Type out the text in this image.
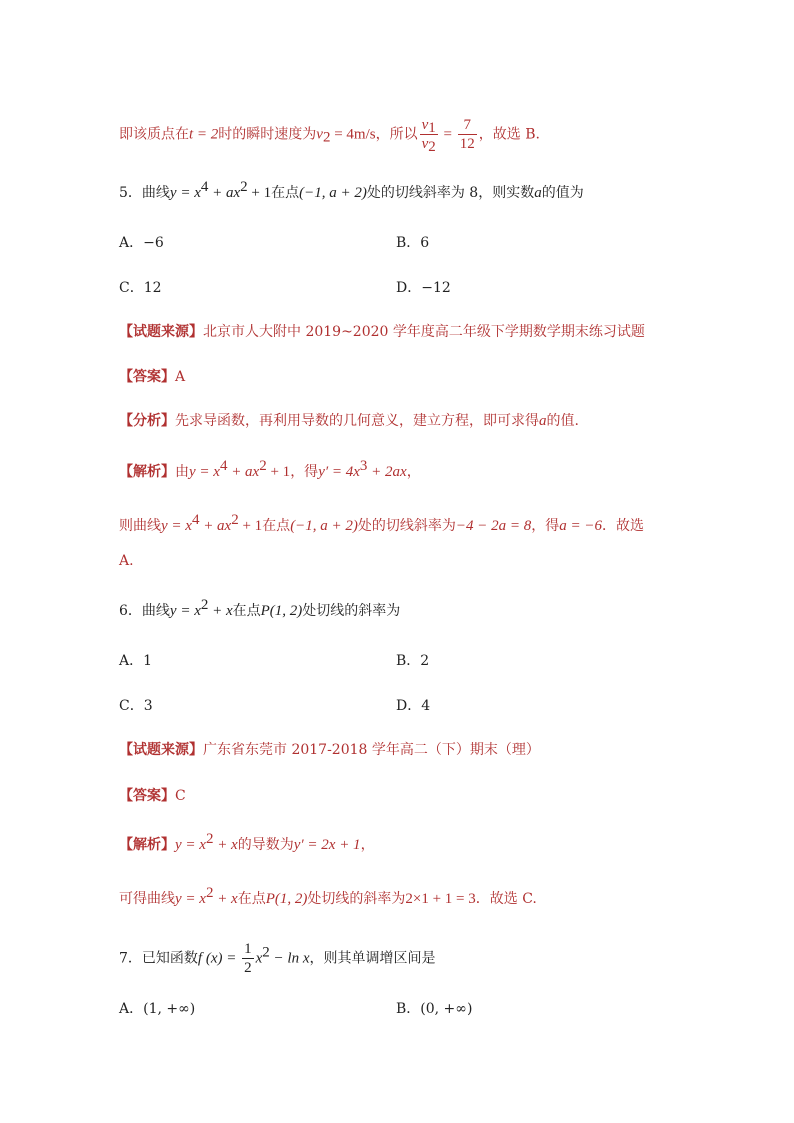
即该质点在t = 2时的瞬时速度为$v_2 = 4m/s$，所以 $\frac{v_1}{v_2} = \frac{7}{12}$ ，故选 B.
5．曲线$y = x^4 + ax^2 + 1$在点(−1, a + 2)处的切线斜率为 8，则实数a的值为
A．−6	B．6
C．12	D．−12
【试题来源】北京市人大附中 2019~2020 学年度高二年级下学期数学期末练习试题
【答案】A
【分析】先求导函数，再利用导数的几何意义，建立方程，即可求得a的值.
【解析】由$y = x^4 + ax^2 + 1$，得$y' = 4x^3 + 2ax$，
则曲线$y = x^4 + ax^2 + 1$在点(−1, a + 2)处的切线斜率为−4 − 2a = 8，得a = −6．故选
A.
6．曲线$y = x^2 + x$在点P(1, 2)处切线的斜率为
A．1	B．2
C．3	D．4
【试题来源】广东省东莞市 2017-2018 学年高二（下）期末（理）
【答案】C
【解析】$y = x^2 + x$的导数为y′ = 2x + 1，
可得曲线$y = x^2 + x$在点P(1, 2)处切线的斜率为2×1 + 1 = 3．故选 C.
7．已知函数f $(x) = \frac{1}{2} x^2 - \ln x$，则其单调增区间是
A．(1, +∞)	B．(0, +∞)
